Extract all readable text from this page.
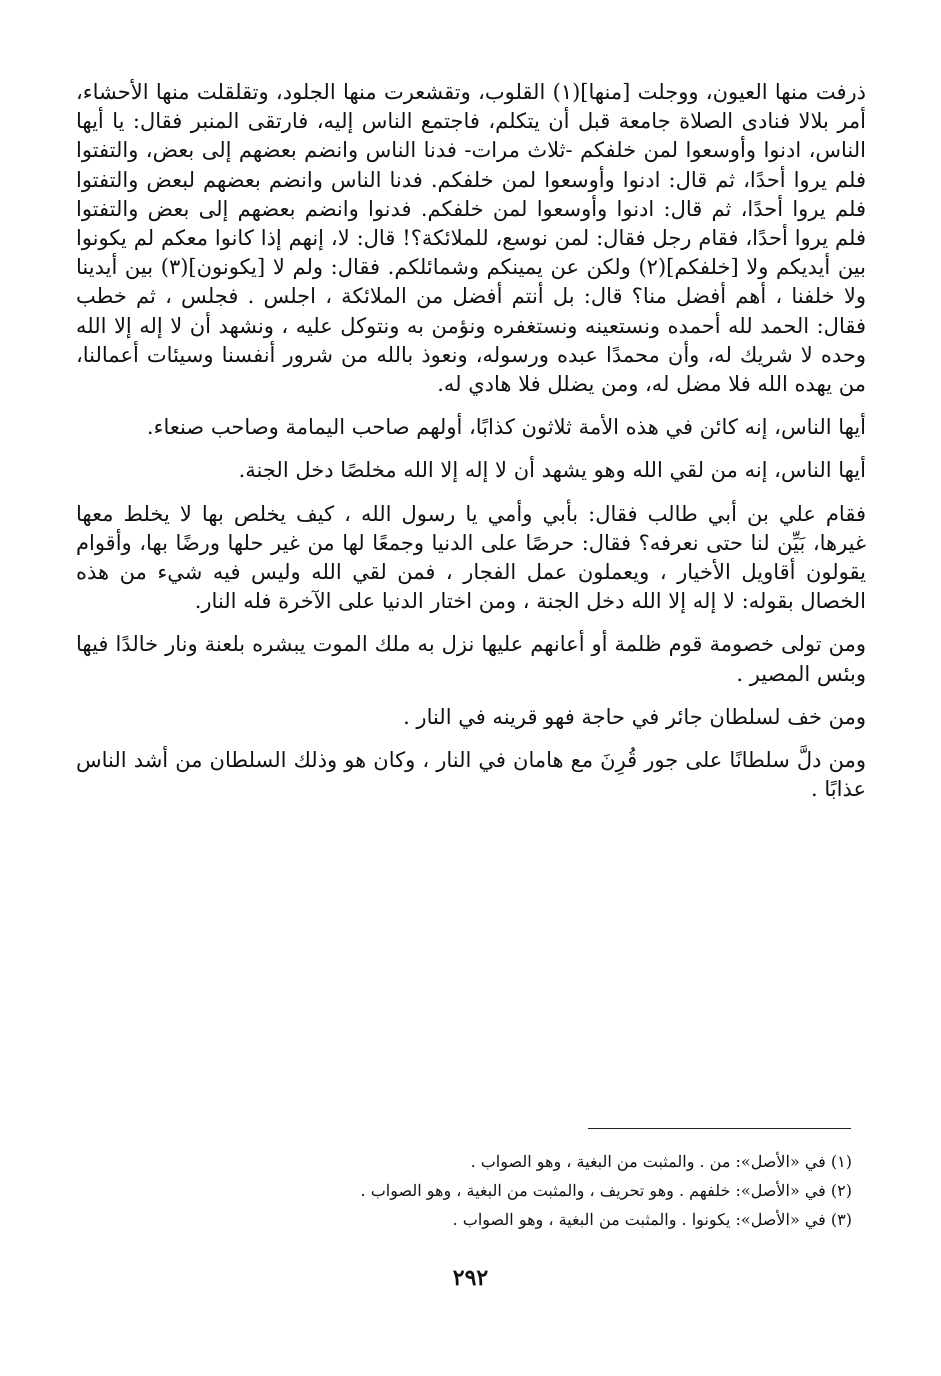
ذرفت منها العيون، ووجلت [منها](١) القلوب، وتقشعرت منها الجلود، وتقلقلت منها الأحشاء، أمر بلالا فنادى الصلاة جامعة قبل أن يتكلم، فاجتمع الناس إليه، فارتقى المنبر فقال: يا أيها الناس، ادنوا وأوسعوا لمن خلفكم -ثلاث مرات- فدنا الناس وانضم بعضهم إلى بعض، والتفتوا فلم يروا أحدًا، ثم قال: ادنوا وأوسعوا لمن خلفكم. فدنا الناس وانضم بعضهم لبعض والتفتوا فلم يروا أحدًا، ثم قال: ادنوا وأوسعوا لمن خلفكم. فدنوا وانضم بعضهم إلى بعض والتفتوا فلم يروا أحدًا، فقام رجل فقال: لمن نوسع، للملائكة؟! قال: لا، إنهم إذا كانوا معكم لم يكونوا بين أيديكم ولا [خلفكم](٢) ولكن عن يمينكم وشمائلكم. فقال: ولم لا [يكونون](٣) بين أيدينا ولا خلفنا ، أهم أفضل منا؟ قال: بل أنتم أفضل من الملائكة ، اجلس . فجلس ، ثم خطب فقال: الحمد لله أحمده ونستعينه ونستغفره ونؤمن به ونتوكل عليه ، ونشهد أن لا إله إلا الله وحده لا شريك له، وأن محمدًا عبده ورسوله، ونعوذ بالله من شرور أنفسنا وسيئات أعمالنا، من يهده الله فلا مضل له، ومن يضلل فلا هادي له.

أيها الناس، إنه كائن في هذه الأمة ثلاثون كذابًا، أولهم صاحب اليمامة وصاحب صنعاء.

أيها الناس، إنه من لقي الله وهو يشهد أن لا إله إلا الله مخلصًا دخل الجنة.

فقام علي بن أبي طالب فقال: بأبي وأمي يا رسول الله ، كيف يخلص بها لا يخلط معها غيرها، بَيِّن لنا حتى نعرفه؟ فقال: حرصًا على الدنيا وجمعًا لها من غير حلها ورضًا بها، وأقوام يقولون أقاويل الأخيار ، ويعملون عمل الفجار ، فمن لقي الله وليس فيه شيء من هذه الخصال بقوله: لا إله إلا الله دخل الجنة ، ومن اختار الدنيا على الآخرة فله النار.

ومن تولى خصومة قوم ظلمة أو أعانهم عليها نزل به ملك الموت يبشره بلعنة ونار خالدًا فيها وبئس المصير .

ومن خف لسلطان جائر في حاجة فهو قرينه في النار .

ومن دلَّ سلطانًا على جور قُرِنَ مع هامان في النار ، وكان هو وذلك السلطان من أشد الناس عذابًا .

(١) في «الأصل»: من . والمثبت من البغية ، وهو الصواب .

(٢) في «الأصل»: خلفهم . وهو تحريف ، والمثبت من البغية ، وهو الصواب .

(٣) في «الأصل»: يكونوا . والمثبت من البغية ، وهو الصواب .

٢٩٢
